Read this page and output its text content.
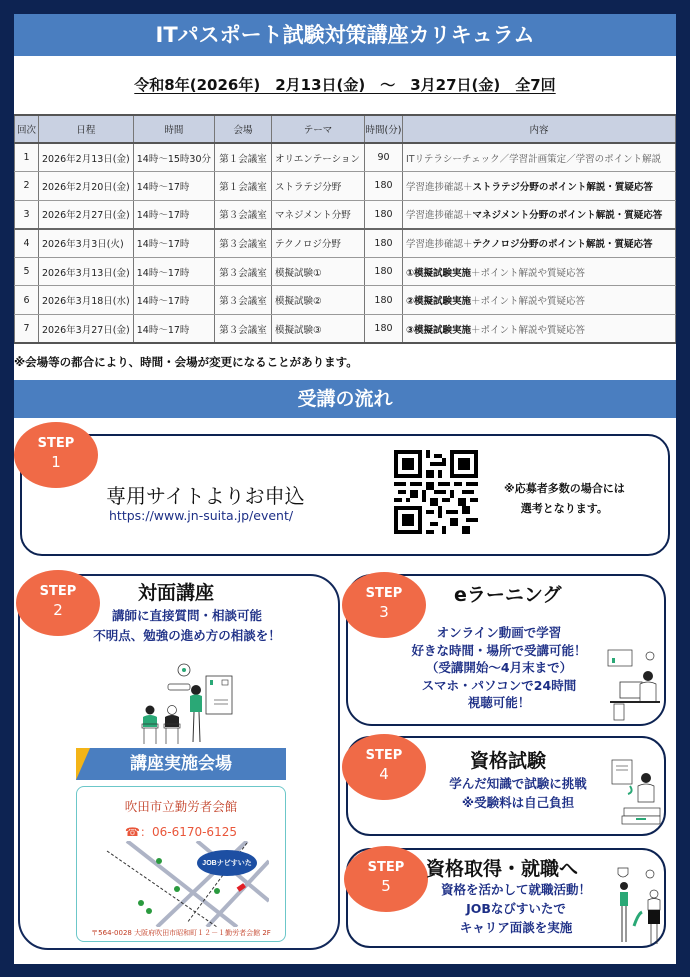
ITパスポート試験対策講座カリキュラム
令和8年(2026年)　2月13日(金)　～　3月27日(金)　全7回
回次	日程	時間	会場	テーマ	時間(分)	内容
1	2026年2月13日(金)	14時～15時30分	第１会議室	オリエンテーション	90	ITリテラシーチェック／学習計画策定／学習のポイント解説
2	2026年2月20日(金)	14時～17時	第１会議室	ストラテジ分野	180	学習進捗確認＋ストラテジ分野のポイント解説・質疑応答
3	2026年2月27日(金)	14時～17時	第３会議室	マネジメント分野	180	学習進捗確認＋マネジメント分野のポイント解説・質疑応答
4	2026年3月3日(火)	14時～17時	第３会議室	テクノロジ分野	180	学習進捗確認＋テクノロジ分野のポイント解説・質疑応答
5	2026年3月13日(金)	14時～17時	第３会議室	模擬試験①	180	①模擬試験実施＋ポイント解説や質疑応答
6	2026年3月18日(水)	14時～17時	第３会議室	模擬試験②	180	②模擬試験実施＋ポイント解説や質疑応答
7	2026年3月27日(金)	14時～17時	第３会議室	模擬試験③	180	③模擬試験実施＋ポイント解説や質疑応答
※会場等の都合により、時間・会場が変更になることがあります。
受講の流れ
STEP
1
専用サイトよりお申込
https://www.jn-suita.jp/event/
※応募者多数の場合には
選考となります。
STEP
2
対面講座
講師に直接質問・相談可能
不明点、勉強の進め方の相談を！
講座実施会場
吹田市立勤労者会館
☎：06-6170-6125
JOBナビすいた
〒564-0028 大阪府吹田市昭和町１２－１勤労者会館 2F
STEP
3
eラーニング
オンライン動画で学習
好きな時間・場所で受講可能！
（受講開始～4月末まで）
スマホ・パソコンで24時間
視聴可能！
STEP
4
資格試験
学んだ知識で試験に挑戦
※受験料は自己負担
STEP
5
資格取得・就職へ
資格を活かして就職活動！
JOBなびすいたで
キャリア面談を実施
